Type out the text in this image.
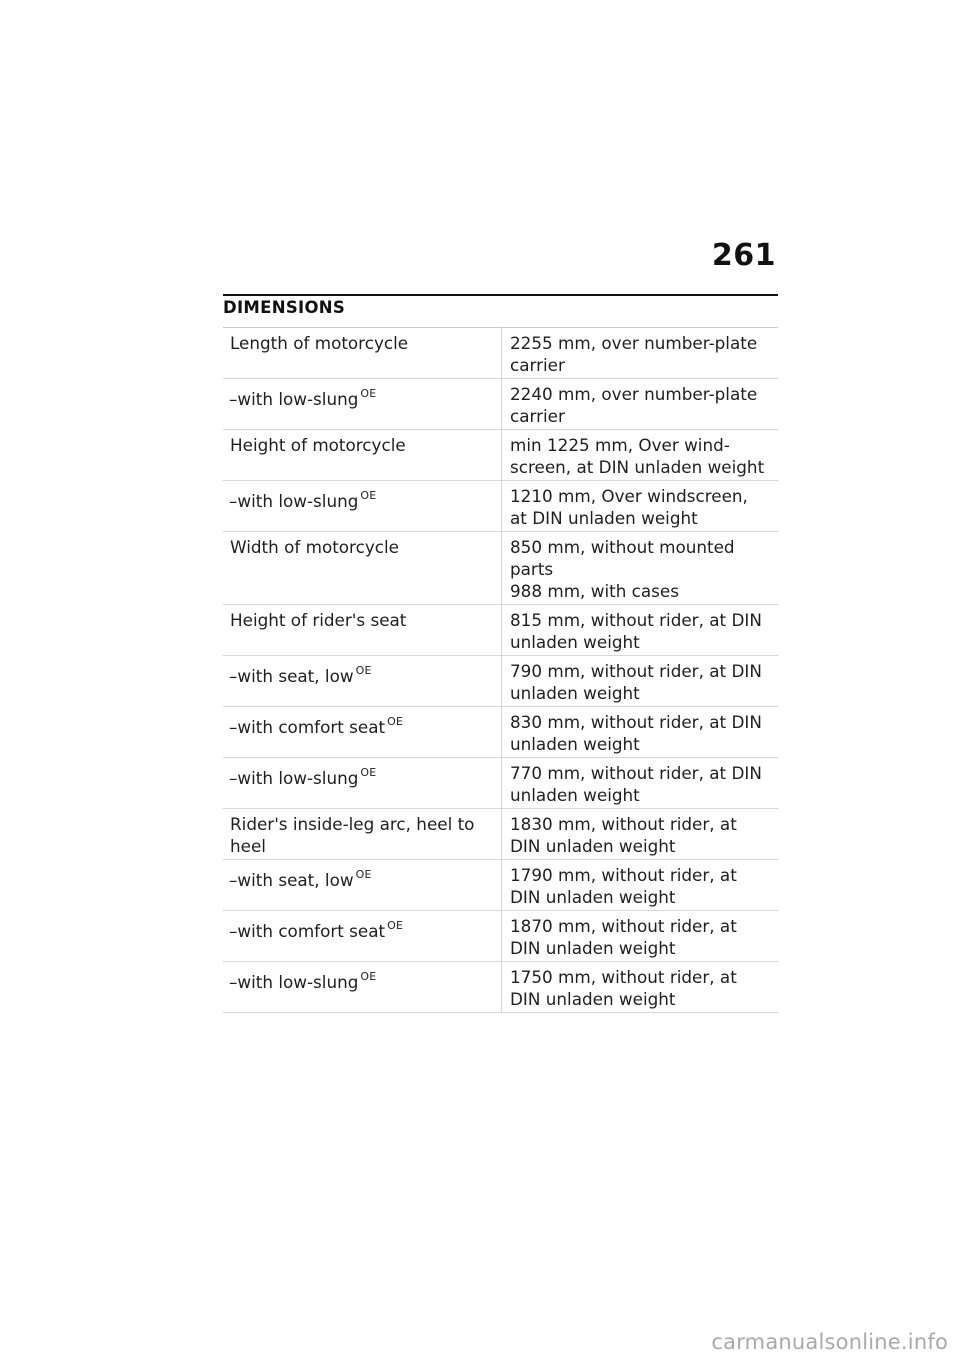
261
DIMENSIONS
Length of motorcycle	2255 mm, over number-plate
carrier

–with low-slung $^{OE}$	2240 mm, over number-plate
carrier

Height of motorcycle	min 1225 mm, Over wind-
screen, at DIN unladen weight

–with low-slung $^{OE}$	1210 mm, Over windscreen,
at DIN unladen weight

Width of motorcycle	850 mm, without mounted
parts
988 mm, with cases

Height of rider's seat	815 mm, without rider, at DIN
unladen weight

–with seat, low $^{OE}$	790 mm, without rider, at DIN
unladen weight

–with comfort seat $^{OE}$	830 mm, without rider, at DIN
unladen weight

–with low-slung $^{OE}$	770 mm, without rider, at DIN
unladen weight

Rider's inside-leg arc, heel to heel	1830 mm, without rider, at
DIN unladen weight

–with seat, low $^{OE}$	1790 mm, without rider, at
DIN unladen weight

–with comfort seat $^{OE}$	1870 mm, without rider, at
DIN unladen weight

–with low-slung $^{OE}$	1750 mm, without rider, at
DIN unladen weight
carmanualsonline.info
